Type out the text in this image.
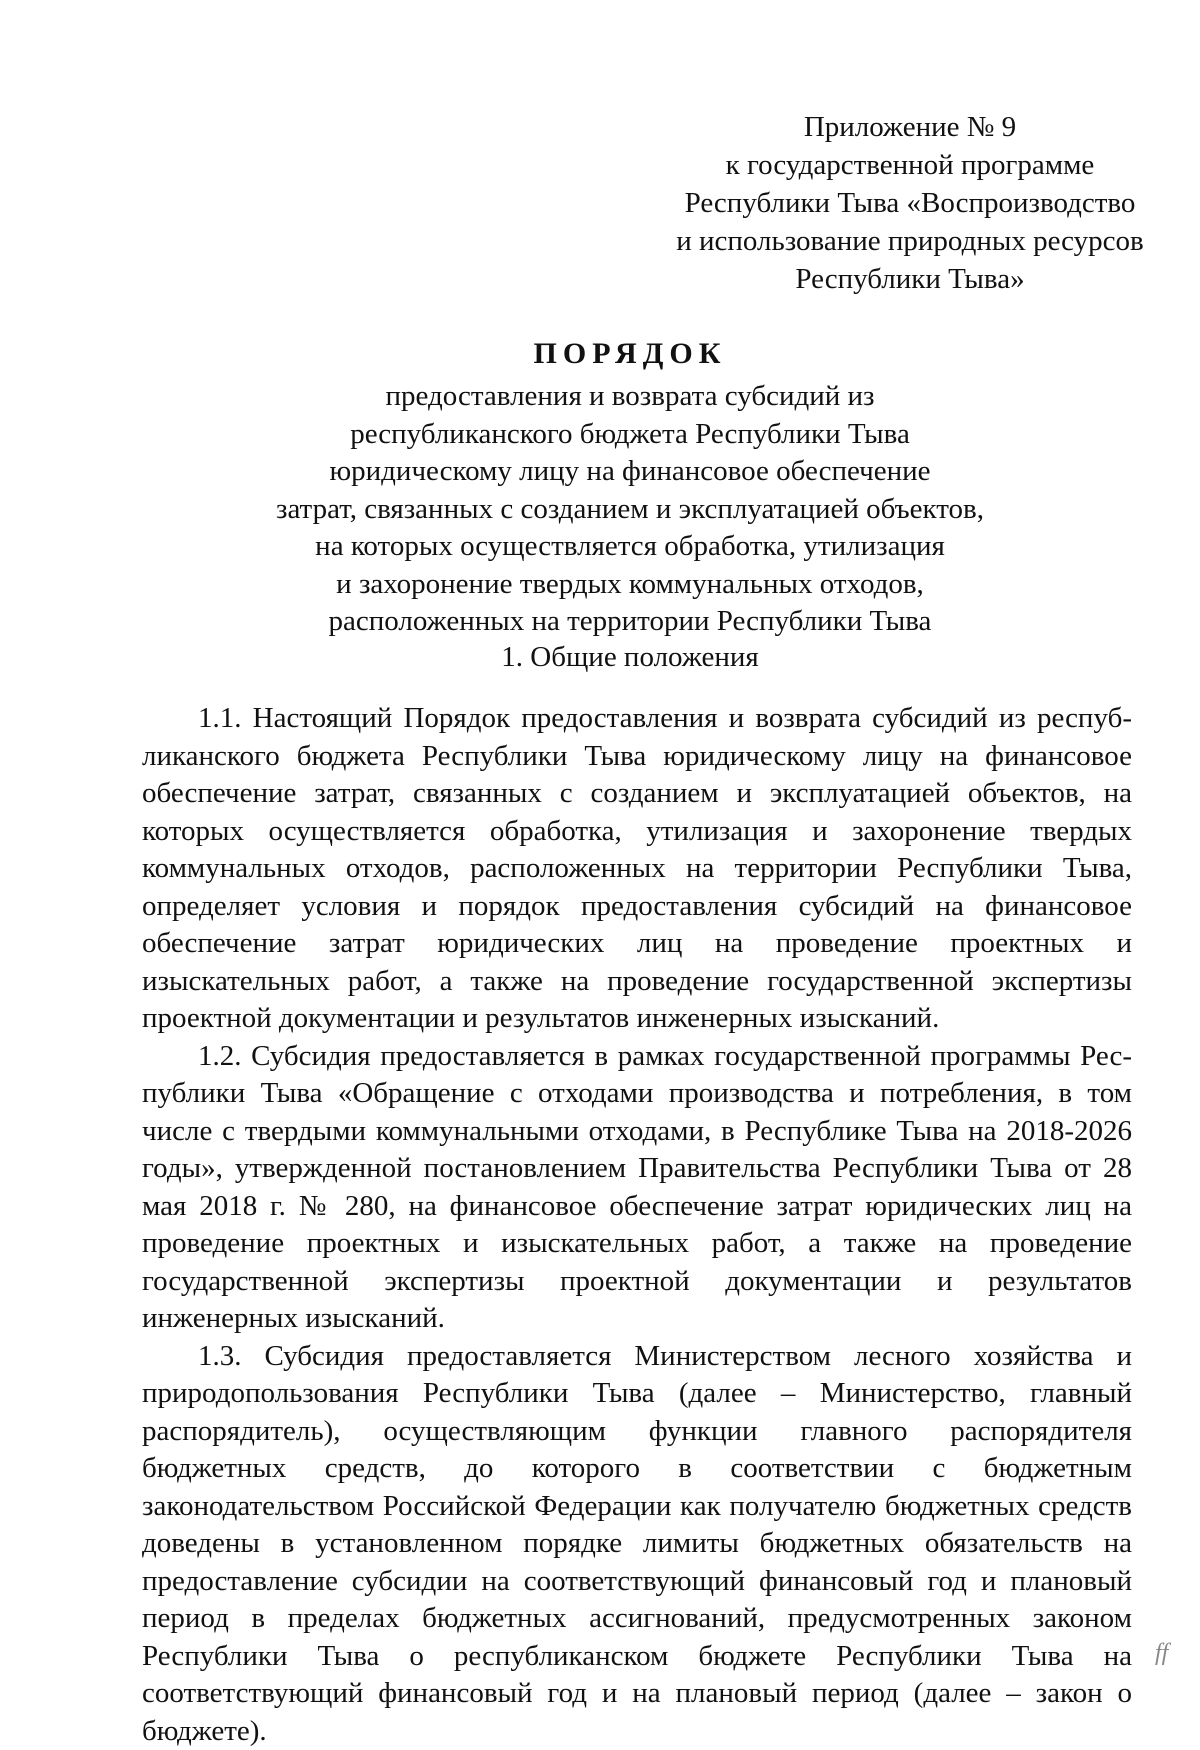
Приложение № 9
к государственной программе
Республики Тыва «Воспроизводство
и использование природных ресурсов
Республики Тыва»
ПОРЯДОК
предоставления и возврата субсидий из
республиканского бюджета Республики Тыва
юридическому лицу на финансовое обеспечение
затрат, связанных с созданием и эксплуатацией объектов,
на которых осуществляется обработка, утилизация
и захоронение твердых коммунальных отходов,
расположенных на территории Республики Тыва
1. Общие положения

1.1. Настоящий Порядок предоставления и возврата субсидий из республиканского бюджета Республики Тыва юридическому лицу на финансовое обеспечение затрат, связанных с созданием и эксплуатацией объектов, на которых осуществляется обработка, утилизация и захоронение твердых коммунальных отходов, расположенных на территории Республики Тыва, определяет условия и порядок предоставления субсидий на финансовое обеспечение затрат юридических лиц на проведение проектных и изыскательных работ, а также на проведение государственной экспертизы проектной документации и результатов инженерных изысканий.

1.2. Субсидия предоставляется в рамках государственной программы Республики Тыва «Обращение с отходами производства и потребления, в том числе с твердыми коммунальными отходами, в Республике Тыва на 2018-2026 годы», утвержденной постановлением Правительства Республики Тыва от 28 мая 2018 г. № 280, на финансовое обеспечение затрат юридических лиц на проведение проектных и изыскательных работ, а также на проведение государственной экспертизы проектной документации и результатов инженерных изысканий.

1.3. Субсидия предоставляется Министерством лесного хозяйства и природопользования Республики Тыва (далее – Министерство, главный распорядитель), осуществляющим функции главного распорядителя бюджетных средств, до которого в соответствии с бюджетным законодательством Российской Федерации как получателю бюджетных средств доведены в установленном порядке лимиты бюджетных обязательств на предоставление субсидии на соответствующий финансовый год и плановый период в пределах бюджетных ассигнований, предусмотренных законом Республики Тыва о республиканском бюджете Республики Тыва на соответствующий финансовый год и на плановый период (далее – закон о бюджете).

ff
